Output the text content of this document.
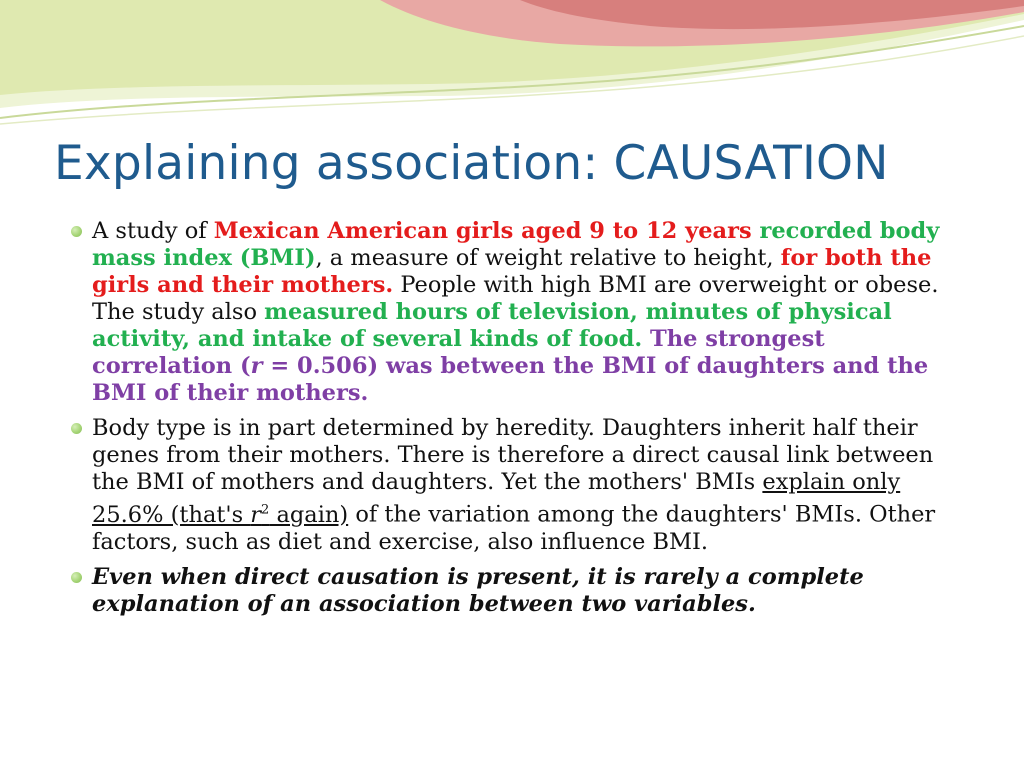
Explaining association: CAUSATION

A study of Mexican American girls aged 9 to 12 years recorded body mass index (BMI), a measure of weight relative to height, for both the girls and their mothers. People with high BMI are overweight or obese. The study also measured hours of television, minutes of physical activity, and intake of several kinds of food. The strongest correlation (r = 0.506) was between the BMI of daughters and the BMI of their mothers.

Body type is in part determined by heredity. Daughters inherit half their genes from their mothers. There is therefore a direct causal link between the BMI of mothers and daughters. Yet the mothers' BMIs explain only 25.6% (that's $r^2$ again) of the variation among the daughters' BMIs. Other factors, such as diet and exercise, also influence BMI.

Even when direct causation is present, it is rarely a complete explanation of an association between two variables.
